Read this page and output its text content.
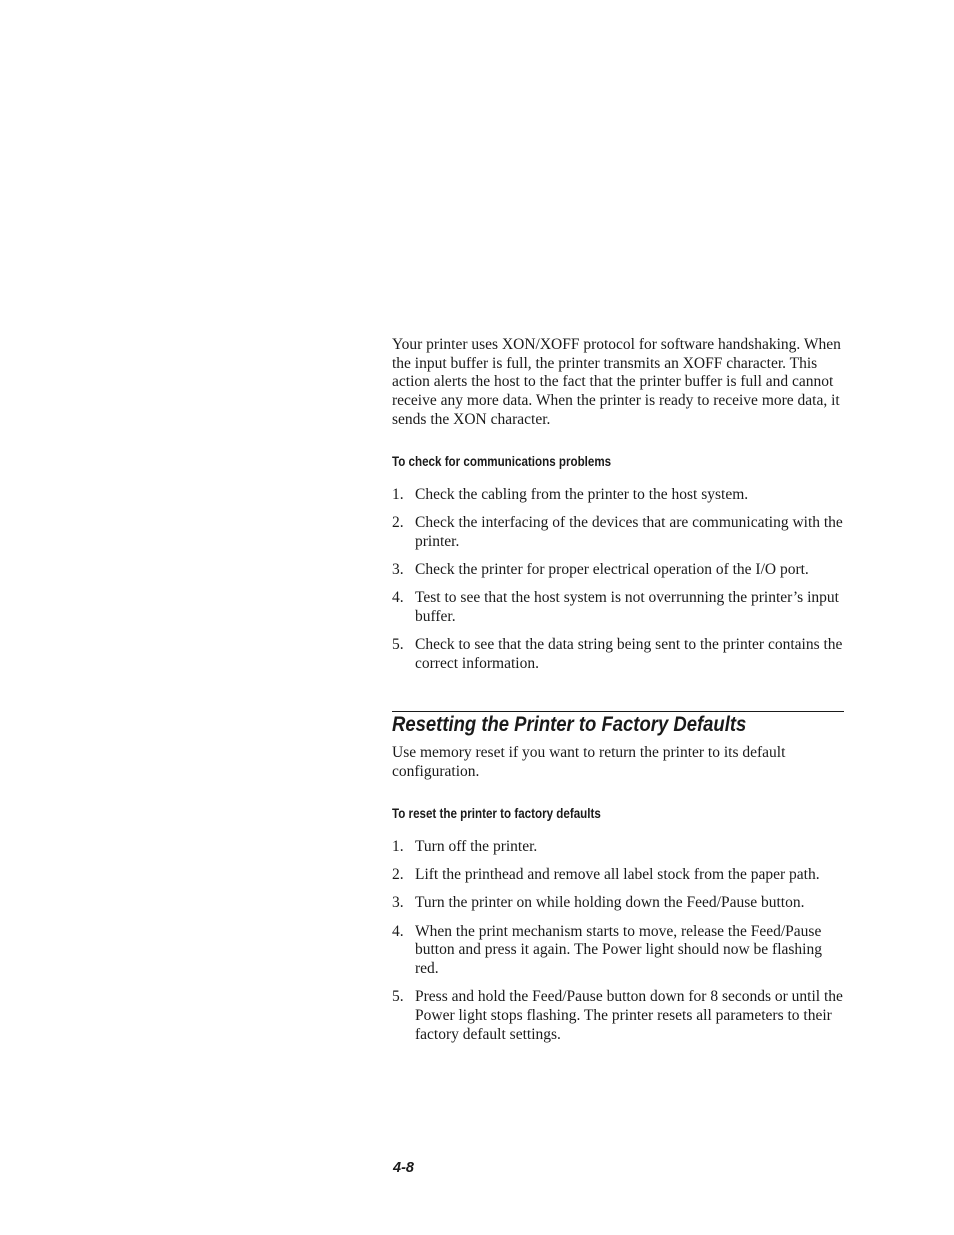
Your printer uses XON/XOFF protocol for software handshaking. When the input buffer is full, the printer transmits an XOFF character. This action alerts the host to the fact that the printer buffer is full and cannot receive any more data. When the printer is ready to receive more data, it sends the XON character.

To check for communications problems

1. Check the cabling from the printer to the host system.
2. Check the interfacing of the devices that are communicating with the printer.
3. Check the printer for proper electrical operation of the I/O port.
4. Test to see that the host system is not overrunning the printer’s input buffer.
5. Check to see that the data string being sent to the printer contains the correct information.
Resetting the Printer to Factory Defaults

Use memory reset if you want to return the printer to its default configuration.

To reset the printer to factory defaults

1. Turn off the printer.
2. Lift the printhead and remove all label stock from the paper path.
3. Turn the printer on while holding down the Feed/Pause button.
4. When the print mechanism starts to move, release the Feed/Pause button and press it again. The Power light should now be flashing red.
5. Press and hold the Feed/Pause button down for 8 seconds or until the Power light stops flashing. The printer resets all parameters to their factory default settings.

4-8
